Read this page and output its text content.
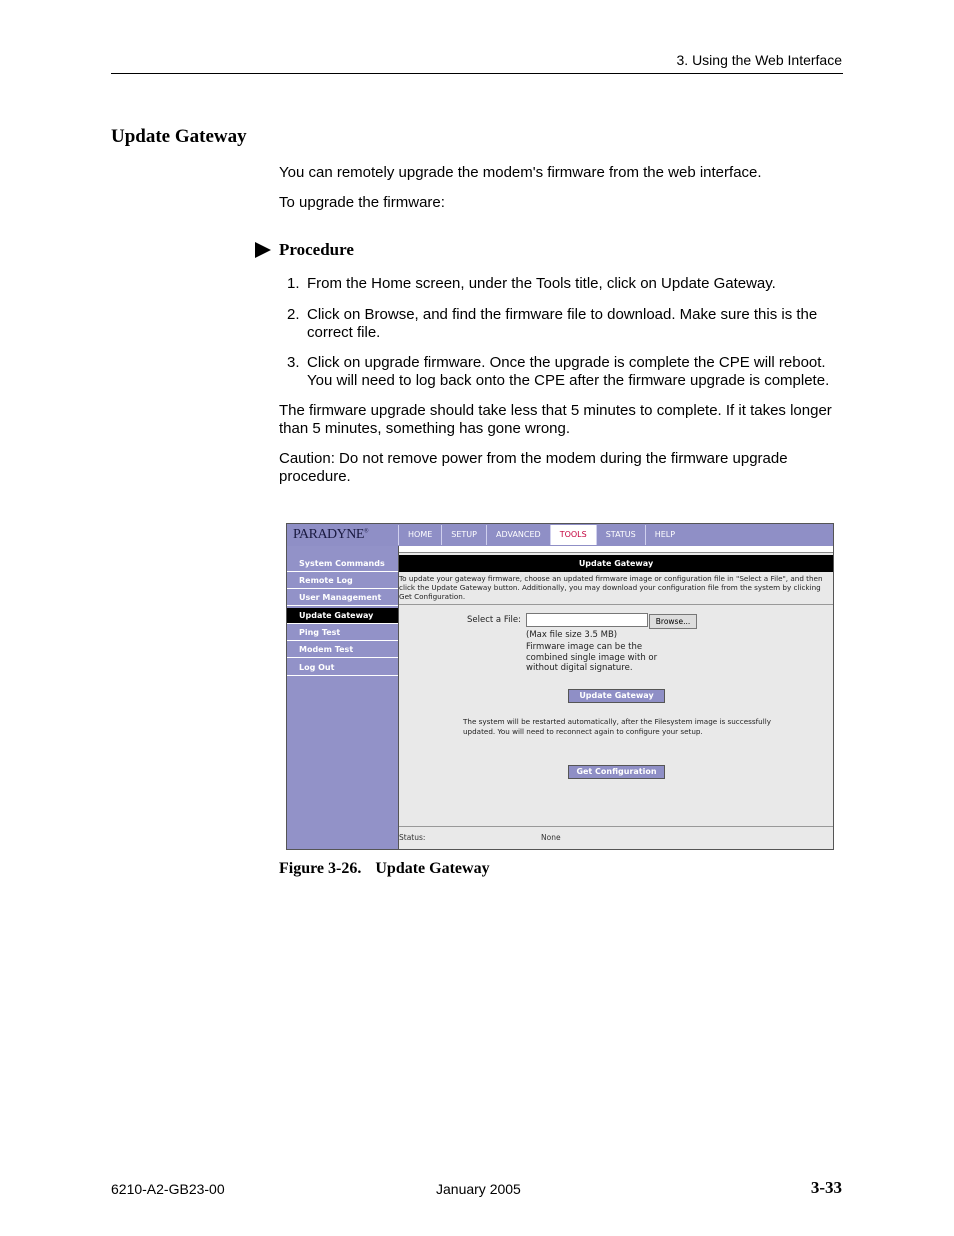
3. Using the Web Interface
Update Gateway
You can remotely upgrade the modem's firmware from the web interface.
To upgrade the firmware:
Procedure
1. From the Home screen, under the Tools title, click on Update Gateway.
2. Click on Browse, and find the firmware file to download. Make sure this is the correct file.
3. Click on upgrade firmware. Once the upgrade is complete the CPE will reboot. You will need to log back onto the CPE after the firmware upgrade is complete.
The firmware upgrade should take less that 5 minutes to complete. If it takes longer than 5 minutes, something has gone wrong.
Caution: Do not remove power from the modem during the firmware upgrade procedure.
PARADYNE®	HOME	SETUP	ADVANCED	TOOLS	STATUS	HELP
System Commands
Remote Log
User Management
Update Gateway
Ping Test
Modem Test
Log Out
Update Gateway
To update your gateway firmware, choose an updated firmware image or configuration file in "Select a File", and then click the Update Gateway button. Additionally, you may download your configuration file from the system by clicking Get Configuration.
Select a File:	Browse...
(Max file size 3.5 MB)
Firmware image can be the
combined single image with or
without digital signature.
Update Gateway
The system will be restarted automatically, after the Filesystem image is successfully updated. You will need to reconnect again to configure your setup.
Get Configuration
Status:	None
Figure 3-26. Update Gateway
6210-A2-GB23-00	January 2005	3-33
